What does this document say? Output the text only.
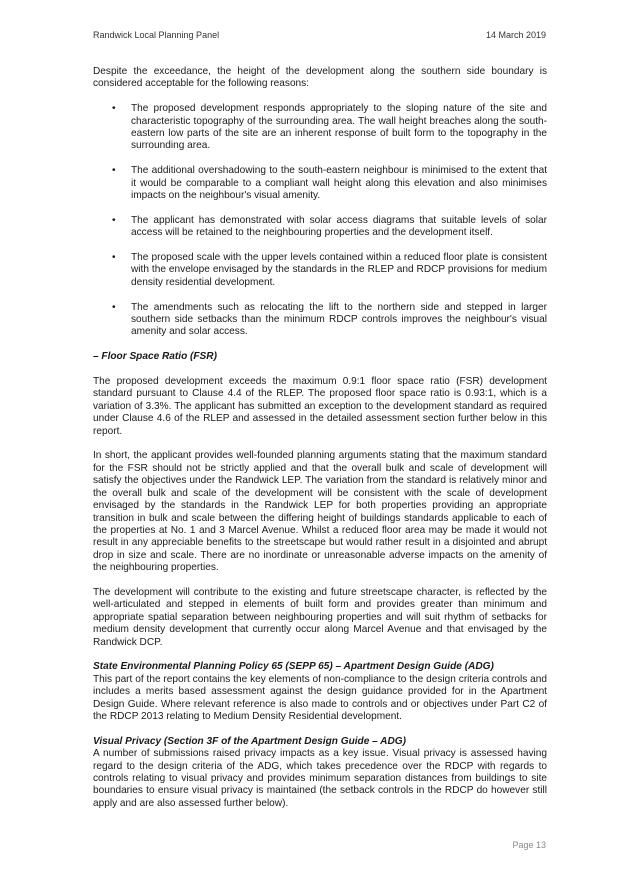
Randwick Local Planning Panel	14 March 2019

Despite the exceedance, the height of the development along the southern side boundary is considered acceptable for the following reasons:

• The proposed development responds appropriately to the sloping nature of the site and characteristic topography of the surrounding area. The wall height breaches along the south-eastern low parts of the site are an inherent response of built form to the topography in the surrounding area.
• The additional overshadowing to the south-eastern neighbour is minimised to the extent that it would be comparable to a compliant wall height along this elevation and also minimises impacts on the neighbour's visual amenity.
• The applicant has demonstrated with solar access diagrams that suitable levels of solar access will be retained to the neighbouring properties and the development itself.
• The proposed scale with the upper levels contained within a reduced floor plate is consistent with the envelope envisaged by the standards in the RLEP and RDCP provisions for medium density residential development.
• The amendments such as relocating the lift to the northern side and stepped in larger southern side setbacks than the minimum RDCP controls improves the neighbour's visual amenity and solar access.

– Floor Space Ratio (FSR)

The proposed development exceeds the maximum 0.9:1 floor space ratio (FSR) development standard pursuant to Clause 4.4 of the RLEP. The proposed floor space ratio is 0.93:1, which is a variation of 3.3%. The applicant has submitted an exception to the development standard as required under Clause 4.6 of the RLEP and assessed in the detailed assessment section further below in this report.

In short, the applicant provides well-founded planning arguments stating that the maximum standard for the FSR should not be strictly applied and that the overall bulk and scale of development will satisfy the objectives under the Randwick LEP. The variation from the standard is relatively minor and the overall bulk and scale of the development will be consistent with the scale of development envisaged by the standards in the Randwick LEP for both properties providing an appropriate transition in bulk and scale between the differing height of buildings standards applicable to each of the properties at No. 1 and 3 Marcel Avenue. Whilst a reduced floor area may be made it would not result in any appreciable benefits to the streetscape but would rather result in a disjointed and abrupt drop in size and scale. There are no inordinate or unreasonable adverse impacts on the amenity of the neighbouring properties.

The development will contribute to the existing and future streetscape character, is reflected by the well-articulated and stepped in elements of built form and provides greater than minimum and appropriate spatial separation between neighbouring properties and will suit rhythm of setbacks for medium density development that currently occur along Marcel Avenue and that envisaged by the Randwick DCP.

State Environmental Planning Policy 65 (SEPP 65) – Apartment Design Guide (ADG)

This part of the report contains the key elements of non-compliance to the design criteria controls and includes a merits based assessment against the design guidance provided for in the Apartment Design Guide. Where relevant reference is also made to controls and or objectives under Part C2 of the RDCP 2013 relating to Medium Density Residential development.

Visual Privacy (Section 3F of the Apartment Design Guide – ADG)

A number of submissions raised privacy impacts as a key issue. Visual privacy is assessed having regard to the design criteria of the ADG, which takes precedence over the RDCP with regards to controls relating to visual privacy and provides minimum separation distances from buildings to site boundaries to ensure visual privacy is maintained (the setback controls in the RDCP do however still apply and are also assessed further below).

Page 13
